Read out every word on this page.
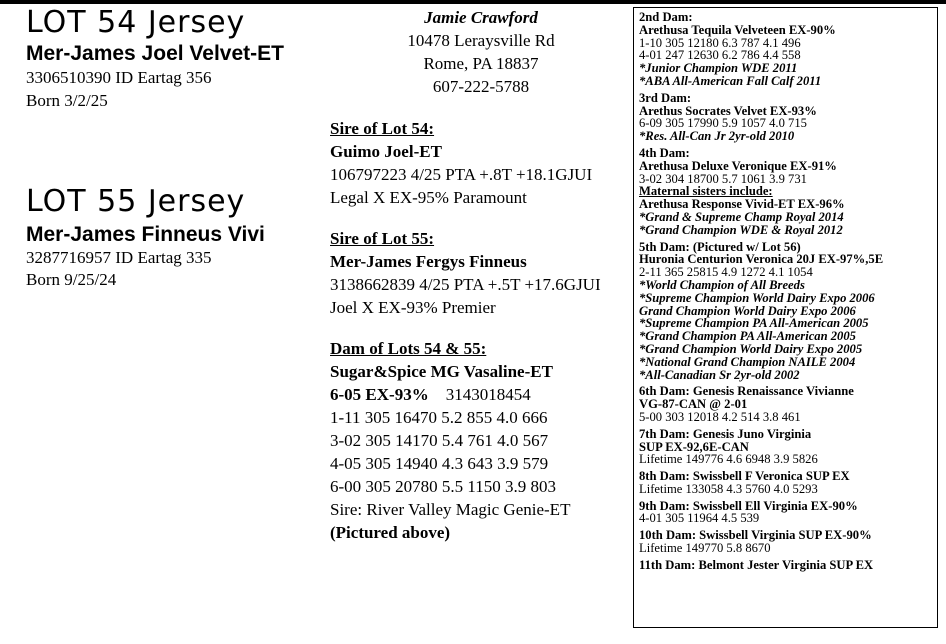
LOT 54 Jersey
Mer-James Joel Velvet-ET
3306510390 ID Eartag 356
Born 3/2/25
LOT 55 Jersey
Mer-James Finneus Vivi
3287716957 ID Eartag 335
Born 9/25/24
Jamie Crawford
10478 Leraysville Rd
Rome, PA 18837
607-222-5788
Sire of Lot 54:
Guimo Joel-ET
106797223 4/25 PTA +.8T +18.1GJUI
Legal X EX-95% Paramount
Sire of Lot 55:
Mer-James Fergys Finneus
3138662839 4/25 PTA +.5T +17.6GJUI
Joel X EX-93% Premier
Dam of Lots 54 & 55:
Sugar&Spice MG Vasaline-ET
6-05 EX-93% 3143018454
1-11 305 16470 5.2 855 4.0 666
3-02 305 14170 5.4 761 4.0 567
4-05 305 14940 4.3 643 3.9 579
6-00 305 20780 5.5 1150 3.9 803
Sire: River Valley Magic Genie-ET
(Pictured above)
2nd Dam:
Arethusa Tequila Velveteen EX-90%
1-10 305 12180 6.3 787 4.1 496
4-01 247 12630 6.2 786 4.4 558
*Junior Champion WDE 2011
*ABA All-American Fall Calf 2011
3rd Dam:
Arethus Socrates Velvet EX-93%
6-09 305 17990 5.9 1057 4.0 715
*Res. All-Can Jr 2yr-old 2010
4th Dam:
Arethusa Deluxe Veronique EX-91%
3-02 304 18700 5.7 1061 3.9 731
Maternal sisters include:
Arethusa Response Vivid-ET EX-96%
*Grand & Supreme Champ Royal 2014
*Grand Champion WDE & Royal 2012
5th Dam: (Pictured w/ Lot 56)
Huronia Centurion Veronica 20J EX-97%,5E
2-11 365 25815 4.9 1272 4.1 1054
*World Champion of All Breeds
*Supreme Champion World Dairy Expo 2006
Grand Champion World Dairy Expo 2006
*Supreme Champion PA All-American 2005
*Grand Champion PA All-American 2005
*Grand Champion World Dairy Expo 2005
*National Grand Champion NAILE 2004
*All-Canadian Sr 2yr-old 2002
6th Dam: Genesis Renaissance Vivianne
VG-87-CAN @ 2-01
5-00 303 12018 4.2 514 3.8 461
7th Dam: Genesis Juno Virginia
SUP EX-92,6E-CAN
Lifetime 149776 4.6 6948 3.9 5826
8th Dam: Swissbell F Veronica SUP EX
Lifetime 133058 4.3 5760 4.0 5293
9th Dam: Swissbell Ell Virginia EX-90%
4-01 305 11964 4.5 539
10th Dam: Swissbell Virginia SUP EX-90%
Lifetime 149770 5.8 8670
11th Dam: Belmont Jester Virginia SUP EX
